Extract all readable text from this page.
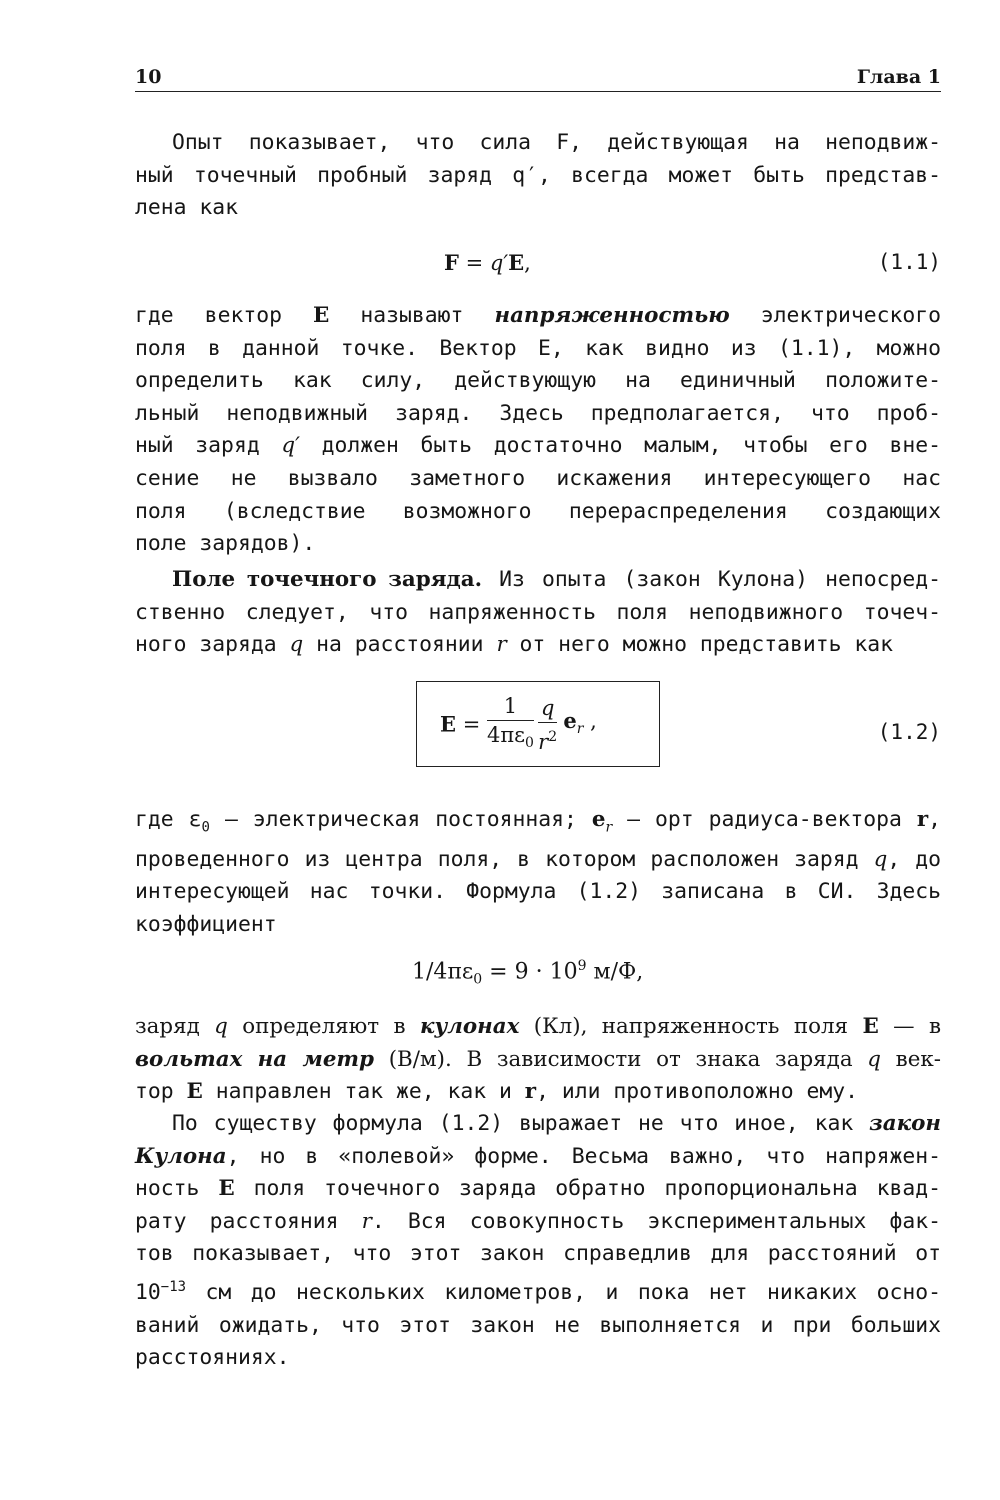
10	Глава 1
Опыт показывает, что сила F, действующая на неподвиж-
ный точечный пробный заряд q′, всегда может быть представ-
лена как
F = q′E,	(1.1)
где вектор E называют напряженностью электрического
поля в данной точке. Вектор E, как видно из (1.1), можно
определить как силу, действующую на единичный положите-
льный неподвижный заряд. Здесь предполагается, что проб-
ный заряд q′ должен быть достаточно малым, чтобы его вне-
сение не вызвало заметного искажения интересующего нас
поля (вследствие возможного перераспределения создающих
поле зарядов).
Поле точечного заряда. Из опыта (закон Кулона) непосред-
ственно следует, что напряженность поля неподвижного точеч-
ного заряда q на расстоянии r от него можно представить как
$E = \frac{1}{4\pi\varepsilon_0} \frac{q}{r^2} e_r$ ,	(1.2)
где $\varepsilon_0$ — электрическая постоянная; $e_r$ — орт радиуса-вектора r,
проведенного из центра поля, в котором расположен заряд q, до
интересующей нас точки. Формула (1.2) записана в СИ. Здесь
коэффициент
$1/4\pi\varepsilon_0 = 9 \cdot 10^9$ м/Ф,
заряд q определяют в кулонах (Кл), напряженность поля E — в
вольтах на метр (В/м). В зависимости от знака заряда q век-
тор E направлен так же, как и r, или противоположно ему.
По существу формула (1.2) выражает не что иное, как закон
Кулона, но в «полевой» форме. Весьма важно, что напряжен-
ность E поля точечного заряда обратно пропорциональна квад-
рату расстояния r. Вся совокупность экспериментальных фак-
тов показывает, что этот закон справедлив для расстояний от
$10^{-13}$ см до нескольких километров, и пока нет никаких осно-
ваний ожидать, что этот закон не выполняется и при больших
расстояниях.
